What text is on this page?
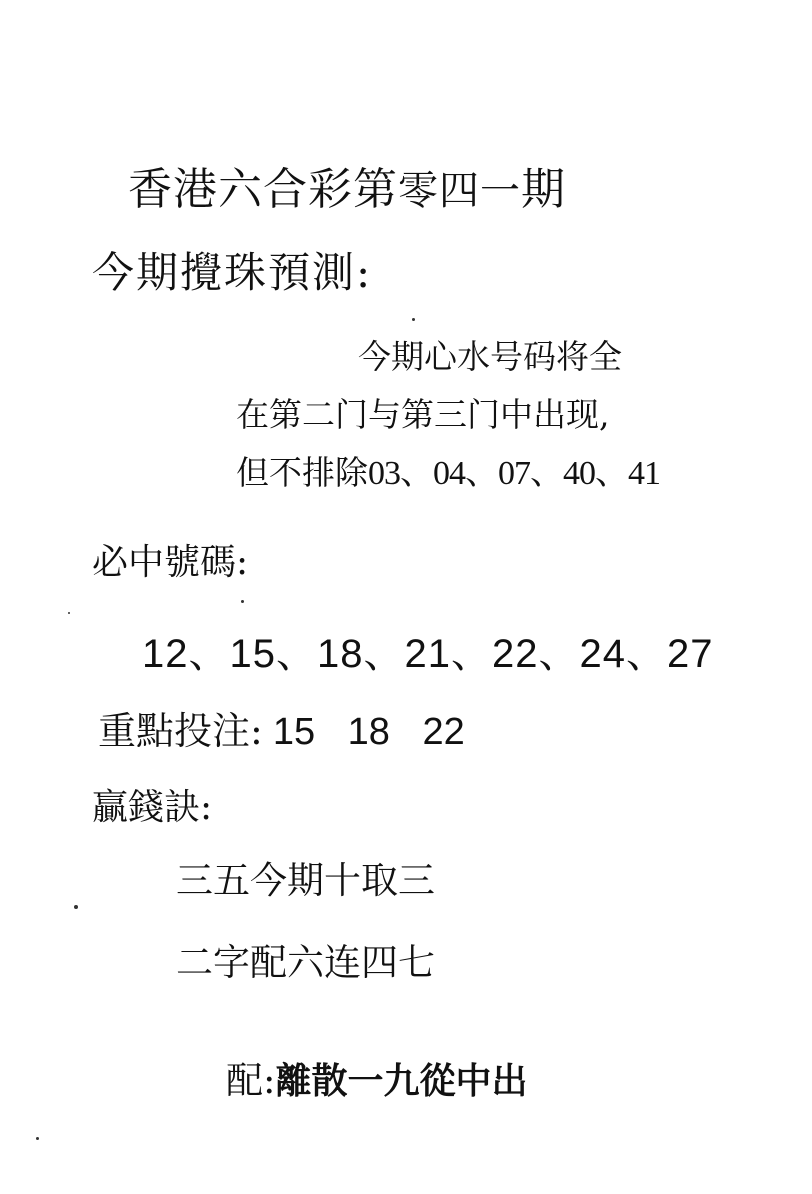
香港六合彩第零四一期
今期攪珠預測:
今期心水号码将全
在第二门与第三门中出现,
但不排除03、04、07、40、41
必中號碼:
12、15、18、21、22、24、27
重點投注: 15 18 22
贏錢訣:
三五今期十取三
二字配六连四七
配:離散一九從中出
